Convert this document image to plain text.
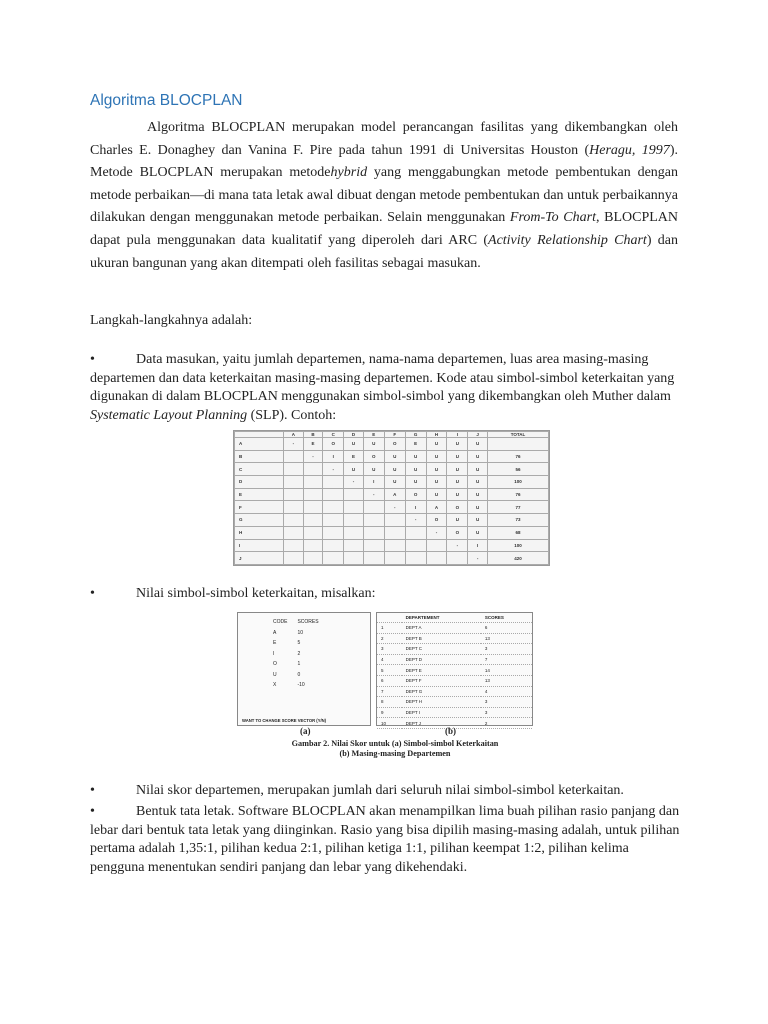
Algoritma BLOCPLAN
Algoritma BLOCPLAN merupakan model perancangan fasilitas yang dikembangkan oleh Charles E. Donaghey dan Vanina F. Pire pada tahun 1991 di Universitas Houston (Heragu, 1997). Metode BLOCPLAN merupakan metodehybrid yang menggabungkan metode pembentukan dengan metode perbaikan—di mana tata letak awal dibuat dengan metode pembentukan dan untuk perbaikannya dilakukan dengan menggunakan metode perbaikan. Selain menggunakan From-To Chart, BLOCPLAN dapat pula menggunakan data kualitatif yang diperoleh dari ARC (Activity Relationship Chart) dan ukuran bangunan yang akan ditempati oleh fasilitas sebagai masukan.
Langkah-langkahnya adalah:
•	Data masukan, yaitu jumlah departemen, nama-nama departemen, luas area masing-masing departemen dan data keterkaitan masing-masing departemen. Kode atau simbol-simbol keterkaitan yang digunakan di dalam BLOCPLAN menggunakan simbol-simbol yang dikembangkan oleh Muther dalam Systematic Layout Planning (SLP). Contoh:
	A	B	C	D	E	F	G	H	I	J	TOTAL
A	-	E	O	U	U	O	E	U	U	U	
B		-	I	E	O	U	U	U	U	U	76
C			-	U	U	U	U	U	U	U	56
D				-	I	U	U	U	U	U	100
E					-	A	O	U	U	U	76
F						-	I	A	O	U	77
G							-	O	U	U	73
H								-	O	U	68
I									-	I	100
J										-	420
•	Nilai simbol-simbol keterkaitan, misalkan:
CODE	SCORES
A	10
E	5
I	2
O	1
U	0
X	-10
WANT TO CHANGE SCORE VECTOR (Y/N)
	DEPARTEMENT	SCORES
1	DEPT A	6
2	DEPT B	13
3	DEPT C	3
4	DEPT D	7
5	DEPT E	14
6	DEPT F	13
7	DEPT G	4
8	DEPT H	3
9	DEPT I	3
10	DEPT J	2
(a)	(b)
Gambar 2. Nilai Skor untuk (a) Simbol-simbol Keterkaitan
(b) Masing-masing Departemen
•	Nilai skor departemen, merupakan jumlah dari seluruh nilai simbol-simbol keterkaitan.
•	Bentuk tata letak. Software BLOCPLAN akan menampilkan lima buah pilihan rasio panjang dan lebar dari bentuk tata letak yang diinginkan. Rasio yang bisa dipilih masing-masing adalah, untuk pilihan pertama adalah 1,35:1, pilihan kedua 2:1, pilihan ketiga 1:1, pilihan keempat 1:2, pilihan kelima pengguna menentukan sendiri panjang dan lebar yang dikehendaki.
